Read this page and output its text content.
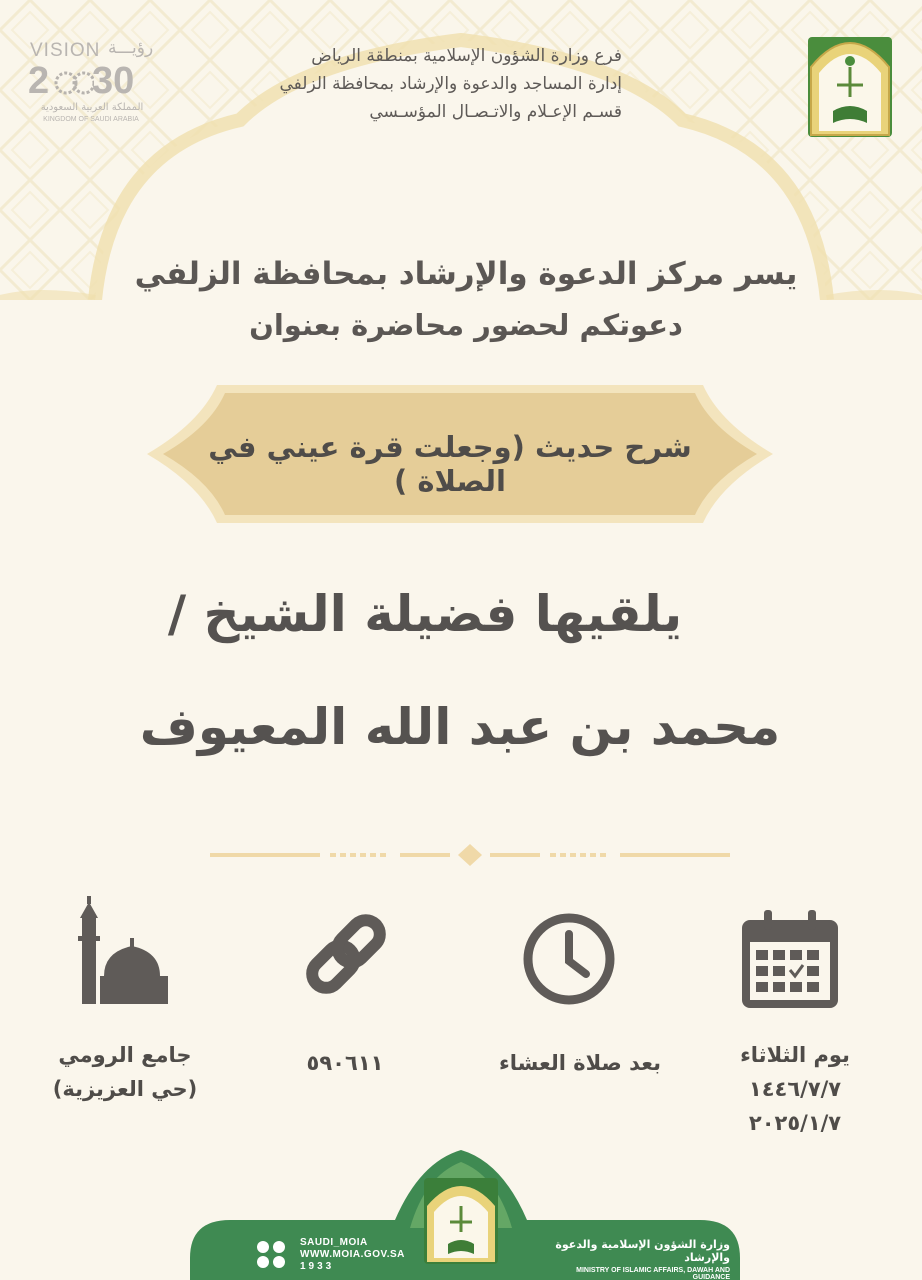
فرع وزارة الشؤون الإسلامية بمنطقة الرياض
إدارة المساجد والدعوة والإرشاد بمحافظة الزلفي
قسـم الإعـلام والاتـصـال المؤسـسي
VISION رؤيـــة
2 30
المملكة العربية السعودية
KINGDOM OF SAUDI ARABIA
يسر مركز الدعوة والإرشاد بمحافظة الزلفي
دعوتكم لحضور محاضرة بعنوان
شرح حديث (وجعلت قرة عيني في الصلاة )
يلقيها فضيلة الشيخ /
محمد بن عبد الله المعيوف
يوم الثلاثاء
١٤٤٦/٧/٧
٢٠٢٥/١/٧
بعد صلاة العشاء
٥٩٠٦١١
جامع الرومي
(حي العزيزية)
SAUDI_MOIA
WWW.MOIA.GOV.SA
1933
وزارة الشؤون الإسلامية والدعوة والإرشاد
MINISTRY OF ISLAMIC AFFAIRS, DAWAH AND GUIDANCE
